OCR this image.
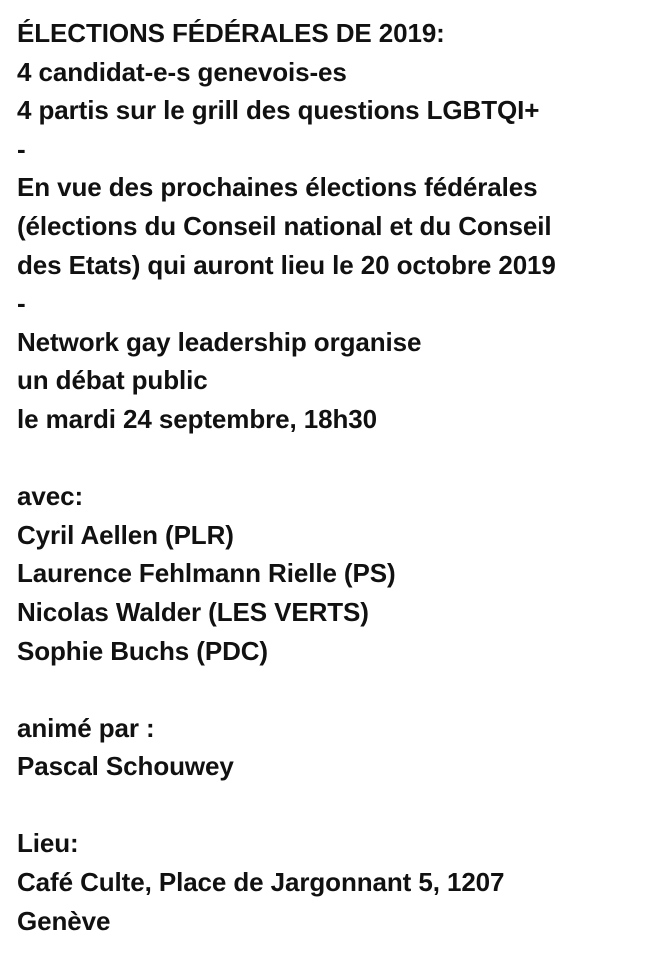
ÉLECTIONS FÉDÉRALES DE 2019:
4 candidat-e-s genevois-es
4 partis sur le grill des questions LGBTQI+
-
En vue des prochaines élections fédérales
(élections du Conseil national et du Conseil
des Etats) qui auront lieu le 20 octobre 2019
-
Network gay leadership organise
un débat public
le mardi 24 septembre, 18h30
avec:
Cyril Aellen (PLR)
Laurence Fehlmann Rielle (PS)
Nicolas Walder (LES VERTS)
Sophie Buchs (PDC)
animé par :
Pascal Schouwey
Lieu:
Café Culte, Place de Jargonnant 5, 1207
Genève
